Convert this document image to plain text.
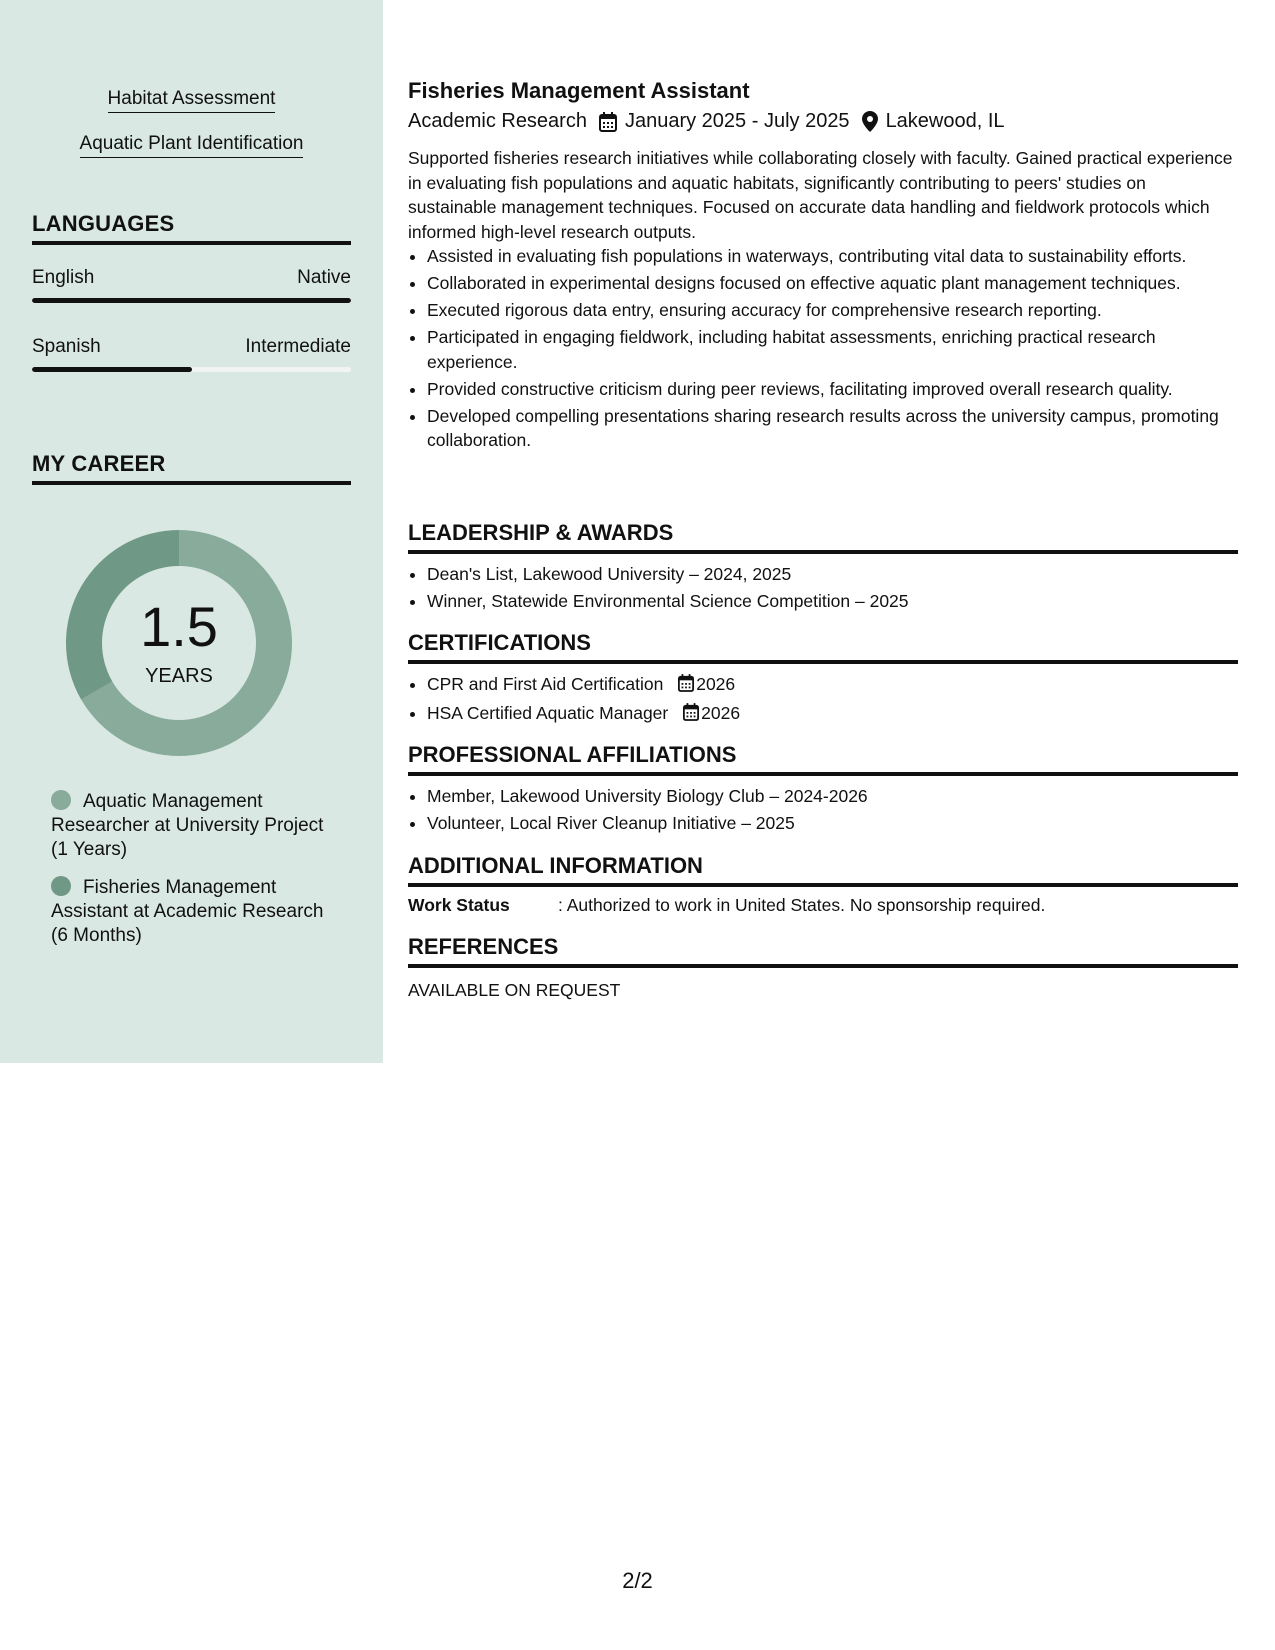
Habitat Assessment
Aquatic Plant Identification
LANGUAGES
English	Native
Spanish	Intermediate
MY CAREER
1.5
YEARS
Aquatic Management Researcher at University Project (1 Years)
Fisheries Management Assistant at Academic Research (6 Months)
Fisheries Management Assistant
Academic Research January 2025 - July 2025 Lakewood, IL
Supported fisheries research initiatives while collaborating closely with faculty. Gained practical experience in evaluating fish populations and aquatic habitats, significantly contributing to peers' studies on sustainable management techniques. Focused on accurate data handling and fieldwork protocols which informed high-level research outputs.
• Assisted in evaluating fish populations in waterways, contributing vital data to sustainability efforts.
• Collaborated in experimental designs focused on effective aquatic plant management techniques.
• Executed rigorous data entry, ensuring accuracy for comprehensive research reporting.
• Participated in engaging fieldwork, including habitat assessments, enriching practical research experience.
• Provided constructive criticism during peer reviews, facilitating improved overall research quality.
• Developed compelling presentations sharing research results across the university campus, promoting collaboration.
LEADERSHIP & AWARDS
• Dean's List, Lakewood University – 2024, 2025
• Winner, Statewide Environmental Science Competition – 2025
CERTIFICATIONS
• CPR and First Aid Certification 2026
• HSA Certified Aquatic Manager 2026
PROFESSIONAL AFFILIATIONS
• Member, Lakewood University Biology Club – 2024-2026
• Volunteer, Local River Cleanup Initiative – 2025
ADDITIONAL INFORMATION
Work Status	: Authorized to work in United States. No sponsorship required.
REFERENCES
AVAILABLE ON REQUEST
2/2
